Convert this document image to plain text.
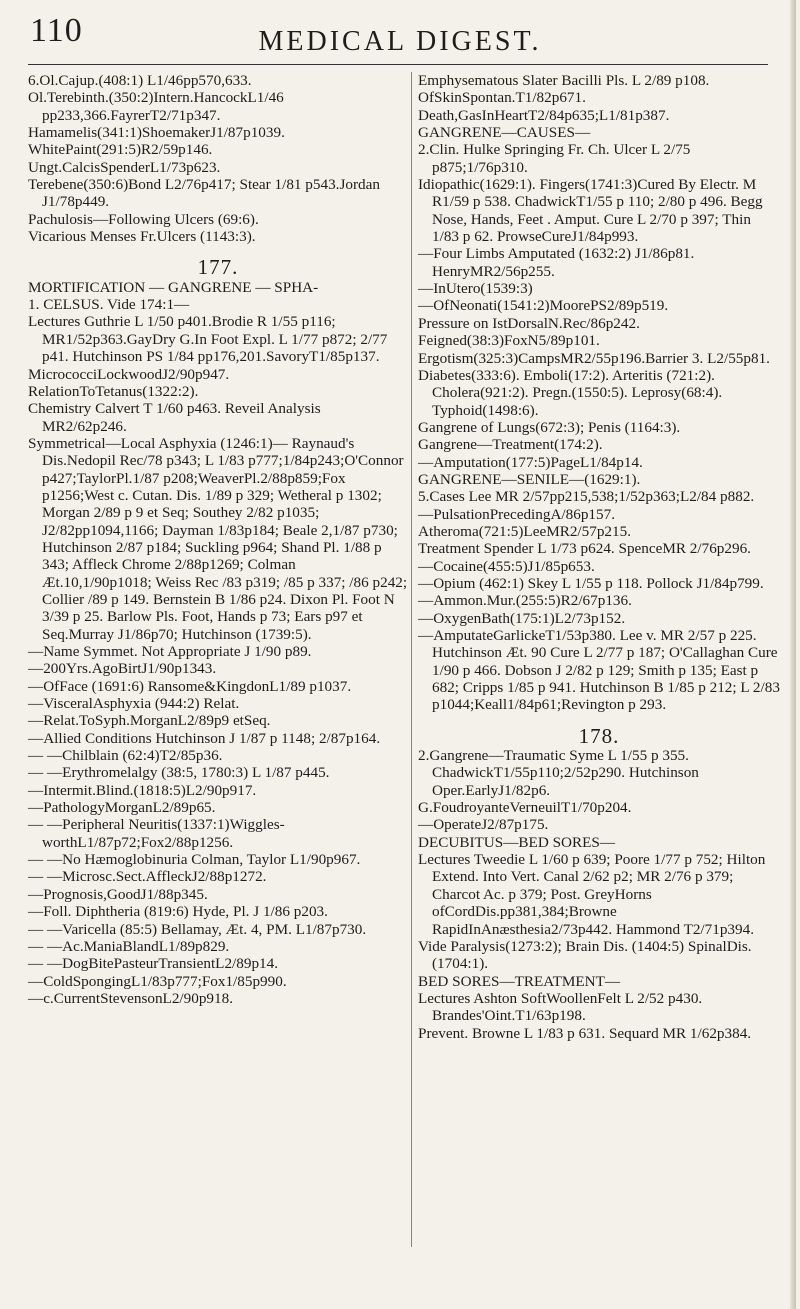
110	MEDICAL DIGEST.
6.Ol.Cajup.(408:1) L1/46pp570,633.
Ol.Terebinth.(350:2)Intern.HancockL1/46 pp233,366.FayrerT2/71p347.
Hamamelis(341:1)ShoemakerJ1/87p1039.
WhitePaint(291:5)R2/59p146.
Ungt.CalcisSpenderL1/73p623.
Terebene(350:6)Bond L2/76p417; Stear 1/81 p543.Jordan J1/78p449.
Pachulosis—Following Ulcers (69:6).
Vicarious Menses Fr.Ulcers (1143:3).
177.
MORTIFICATION — GANGRENE — SPHA-
1. CELSUS. Vide 174:1—
Lectures Guthrie L 1/50 p401.Brodie R 1/55 p116; MR1/52p363.GayDry G.In Foot Expl. L 1/77 p872; 2/77 p41. Hutchinson PS 1/84 pp176,201.SavoryT1/85p137.
MicrococciLockwoodJ2/90p947.
RelationToTetanus(1322:2).
Chemistry Calvert T 1/60 p463. Reveil Analysis MR2/62p246.
Symmetrical—Local Asphyxia (1246:1)— Raynaud's Dis.Nedopil Rec/78 p343; L 1/83 p777;1/84p243;O'Connor p427;TaylorPl.1/87 p208;WeaverPl.2/88p859;Fox p1256;West c. Cutan. Dis. 1/89 p 329; Wetheral p 1302; Morgan 2/89 p 9 et Seq; Southey 2/82 p1035; J2/82pp1094,1166; Dayman 1/83p184; Beale 2,1/87 p730; Hutchinson 2/87 p184; Suckling p964; Shand Pl. 1/88 p 343; Affleck Chrome 2/88p1269; Colman Æt.10,1/90p1018; Weiss Rec /83 p319; /85 p 337; /86 p242; Collier /89 p 149. Bernstein B 1/86 p24. Dixon Pl. Foot N 3/39 p 25. Barlow Pls. Foot, Hands p 73; Ears p97 et Seq.Murray J1/86p70; Hutchinson (1739:5).
—Name Symmet. Not Appropriate J 1/90 p89.
—200Yrs.AgoBirtJ1/90p1343.
—OfFace (1691:6) Ransome&KingdonL1/89 p1037.
—VisceralAsphyxia (944:2) Relat.
—Relat.ToSyph.MorganL2/89p9 etSeq.
—Allied Conditions Hutchinson J 1/87 p 1148; 2/87p164.
— —Chilblain (62:4)T2/85p36.
— —Erythromelalgy (38:5, 1780:3) L 1/87 p445.
—Intermit.Blind.(1818:5)L2/90p917.
—PathologyMorganL2/89p65.
— —Peripheral Neuritis(1337:1)Wiggles- worthL1/87p72;Fox2/88p1256.
— —No Hæmoglobinuria Colman, Taylor L1/90p967.
— —Microsc.Sect.AffleckJ2/88p1272.
—Prognosis,GoodJ1/88p345.
—Foll. Diphtheria (819:6) Hyde, Pl. J 1/86 p203.
— —Varicella (85:5) Bellamay, Æt. 4, PM. L1/87p730.
— —Ac.ManiaBlandL1/89p829.
— —DogBitePasteurTransientL2/89p14.
—ColdSpongingL1/83p777;Fox1/85p990.
—c.CurrentStevensonL2/90p918.
Emphysematous Slater Bacilli Pls. L 2/89 p108.
OfSkinSpontan.T1/82p671.
Death,GasInHeartT2/84p635;L1/81p387.
GANGRENE—CAUSES—
2.Clin. Hulke Springing Fr. Ch. Ulcer L 2/75 p875;1/76p310.
Idiopathic(1629:1). Fingers(1741:3)Cured By Electr. M R1/59 p 538. ChadwickT1/55 p 110; 2/80 p 496. Begg Nose, Hands, Feet . Amput. Cure L 2/70 p 397; Thin 1/83 p 62. ProwseCureJ1/84p993.
—Four Limbs Amputated (1632:2) J1/86p81. HenryMR2/56p255.
—InUtero(1539:3)
—OfNeonati(1541:2)MoorePS2/89p519.
Pressure on IstDorsalN.Rec/86p242.
Feigned(38:3)FoxN5/89p101.
Ergotism(325:3)CampsMR2/55p196.Barrier 3. L2/55p81.
Diabetes(333:6). Emboli(17:2). Arteritis (721:2). Cholera(921:2). Pregn.(1550:5). Leprosy(68:4). Typhoid(1498:6).
Gangrene of Lungs(672:3); Penis (1164:3).
Gangrene—Treatment(174:2).
—Amputation(177:5)PageL1/84p14.
GANGRENE—SENILE—(1629:1).
5.Cases Lee MR 2/57pp215,538;1/52p363;L2/84 p882.
—PulsationPrecedingA/86p157.
Atheroma(721:5)LeeMR2/57p215.
Treatment Spender L 1/73 p624. SpenceMR 2/76p296.
—Cocaine(455:5)J1/85p653.
—Opium (462:1) Skey L 1/55 p 118. Pollock J1/84p799.
—Ammon.Mur.(255:5)R2/67p136.
—OxygenBath(175:1)L2/73p152.
—AmputateGarlickeT1/53p380. Lee v. MR 2/57 p 225. Hutchinson Æt. 90 Cure L 2/77 p 187; O'Callaghan Cure 1/90 p 466. Dobson J 2/82 p 129; Smith p 135; East p 682; Cripps 1/85 p 941. Hutchinson B 1/85 p 212; L 2/83 p1044;Keall1/84p61;Revington p 293.
178.
2.Gangrene—Traumatic Syme L 1/55 p 355. ChadwickT1/55p110;2/52p290. Hutchinson Oper.EarlyJ1/82p6.
G.FoudroyanteVerneuilT1/70p204.
—OperateJ2/87p175.
DECUBITUS—BED SORES—
Lectures Tweedie L 1/60 p 639; Poore 1/77 p 752; Hilton Extend. Into Vert. Canal 2/62 p2; MR 2/76 p 379; Charcot Ac. p 379; Post. GreyHorns ofCordDis.pp381,384;Browne RapidInAnæsthesia2/73p442. Hammond T2/71p394.
Vide Paralysis(1273:2); Brain Dis. (1404:5) SpinalDis.(1704:1).
BED SORES—TREATMENT—
Lectures Ashton SoftWoollenFelt L 2/52 p430. Brandes'Oint.T1/63p198.
Prevent. Browne L 1/83 p 631. Sequard MR 1/62p384.
